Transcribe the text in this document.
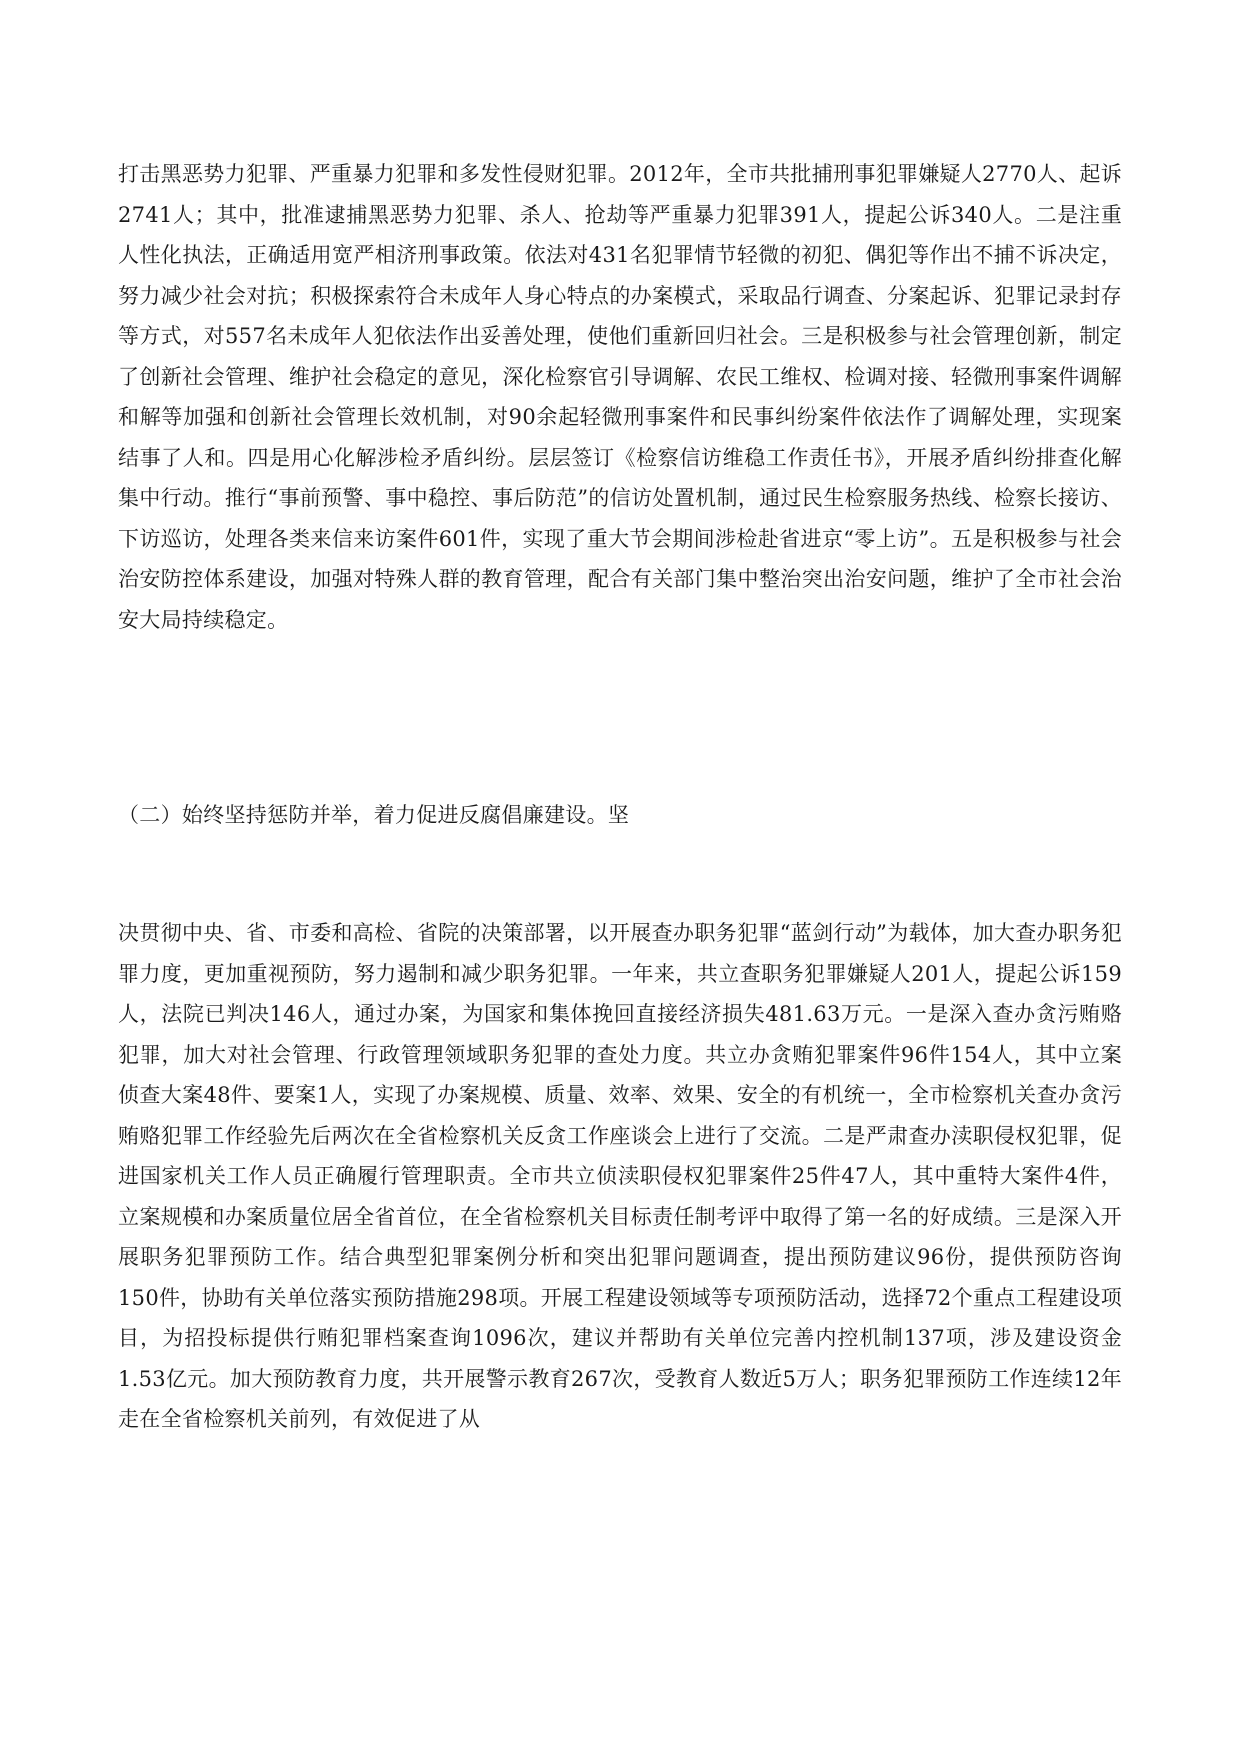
打击黑恶势力犯罪、严重暴力犯罪和多发性侵财犯罪。2012年，全市共批捕刑事犯罪嫌疑人2770人、起诉2741人；其中，批准逮捕黑恶势力犯罪、杀人、抢劫等严重暴力犯罪391人，提起公诉340人。二是注重人性化执法，正确适用宽严相济刑事政策。依法对431名犯罪情节轻微的初犯、偶犯等作出不捕不诉决定，努力减少社会对抗；积极探索符合未成年人身心特点的办案模式，采取品行调查、分案起诉、犯罪记录封存等方式，对557名未成年人犯依法作出妥善处理，使他们重新回归社会。三是积极参与社会管理创新，制定了创新社会管理、维护社会稳定的意见，深化检察官引导调解、农民工维权、检调对接、轻微刑事案件调解和解等加强和创新社会管理长效机制，对90余起轻微刑事案件和民事纠纷案件依法作了调解处理，实现案结事了人和。四是用心化解涉检矛盾纠纷。层层签订《检察信访维稳工作责任书》，开展矛盾纠纷排查化解集中行动。推行“事前预警、事中稳控、事后防范”的信访处置机制，通过民生检察服务热线、检察长接访、下访巡访，处理各类来信来访案件601件，实现了重大节会期间涉检赴省进京“零上访”。五是积极参与社会治安防控体系建设，加强对特殊人群的教育管理，配合有关部门集中整治突出治安问题，维护了全市社会治安大局持续稳定。

（二）始终坚持惩防并举，着力促进反腐倡廉建设。坚

决贯彻中央、省、市委和高检、省院的决策部署，以开展查办职务犯罪“蓝剑行动”为载体，加大查办职务犯罪力度，更加重视预防，努力遏制和减少职务犯罪。一年来，共立查职务犯罪嫌疑人201人，提起公诉159人，法院已判决146人，通过办案，为国家和集体挽回直接经济损失481.63万元。一是深入查办贪污贿赂犯罪，加大对社会管理、行政管理领域职务犯罪的查处力度。共立办贪贿犯罪案件96件154人，其中立案侦查大案48件、要案1人，实现了办案规模、质量、效率、效果、安全的有机统一，全市检察机关查办贪污贿赂犯罪工作经验先后两次在全省检察机关反贪工作座谈会上进行了交流。二是严肃查办渎职侵权犯罪，促进国家机关工作人员正确履行管理职责。全市共立侦渎职侵权犯罪案件25件47人，其中重特大案件4件，立案规模和办案质量位居全省首位，在全省检察机关目标责任制考评中取得了第一名的好成绩。三是深入开展职务犯罪预防工作。结合典型犯罪案例分析和突出犯罪问题调查，提出预防建议96份，提供预防咨询150件，协助有关单位落实预防措施298项。开展工程建设领域等专项预防活动，选择72个重点工程建设项目，为招投标提供行贿犯罪档案查询1096次，建议并帮助有关单位完善内控机制137项，涉及建设资金1.53亿元。加大预防教育力度，共开展警示教育267次，受教育人数近5万人；职务犯罪预防工作连续12年走在全省检察机关前列，有效促进了从
